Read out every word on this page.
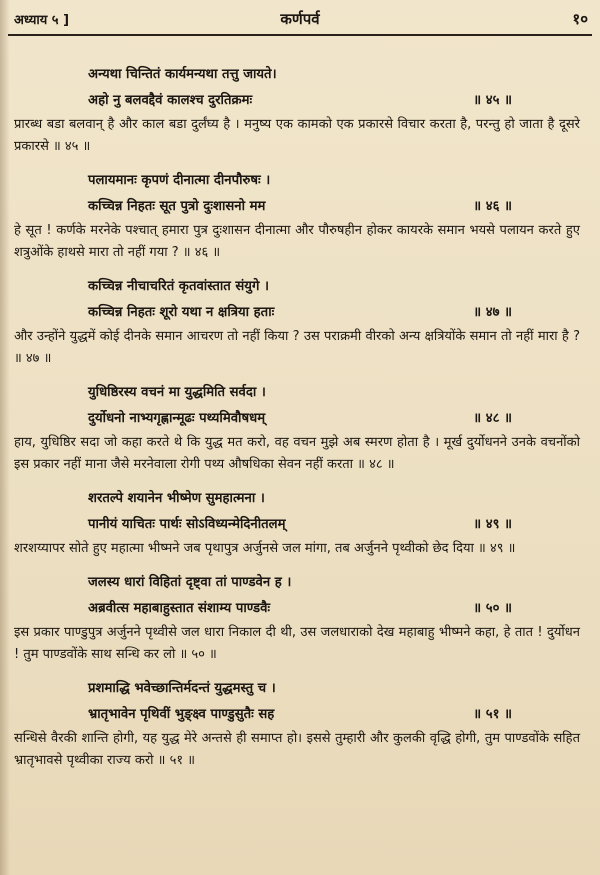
अध्याय ५ ]	कर्णपर्व	१०
अन्यथा चिन्तितं कार्यमन्यथा तत्तु जायते।
अहो नु बलवद्दैवं कालश्च दुरतिक्रमः	॥ ४५ ॥
प्रारब्ध बडा बलवान् है और काल बडा दुर्लंघ्य है । मनुष्य एक कामको एक प्रकारसे विचार करता है, परन्तु हो जाता है दूसरे प्रकारसे ॥ ४५ ॥
पलायमानः कृपणं दीनात्मा दीनपौरुषः ।
कच्चिन्न निहतः सूत पुत्रो दुःशासनो मम	॥ ४६ ॥
हे सूत ! कर्णके मरनेके पश्चात् हमारा पुत्र दुःशासन दीनात्मा और पौरुषहीन होकर कायरके समान भयसे पलायन करते हुए शत्रुओंके हाथसे मारा तो नहीं गया ? ॥ ४६ ॥
कच्चिन्न नीचाचरितं कृतवांस्तात संयुगे ।
कच्चिन्न निहतः शूरो यथा न क्षत्रिया हताः	॥ ४७ ॥
और उन्होंने युद्धमें कोई दीनके समान आचरण तो नहीं किया ? उस पराक्रमी वीरको अन्य क्षत्रियोंके समान तो नहीं मारा है ? ॥ ४७ ॥
युधिष्ठिरस्य वचनं मा युद्धमिति सर्वदा ।
दुर्योधनो नाभ्यगृह्णान्मूढः पथ्यमिवौषधम्	॥ ४८ ॥
हाय, युधिष्ठिर सदा जो कहा करते थे कि युद्ध मत करो, वह वचन मुझे अब स्मरण होता है । मूर्ख दुर्योधनने उनके वचनोंको इस प्रकार नहीं माना जैसे मरनेवाला रोगी पथ्य औषधिका सेवन नहीं करता ॥ ४८ ॥
शरतल्पे शयानेन भीष्मेण सुमहात्मना ।
पानीयं याचितः पार्थः सोऽविध्यन्मेदिनीतलम्	॥ ४९ ॥
शरशय्यापर सोते हुए महात्मा भीष्मने जब पृथापुत्र अर्जुनसे जल मांगा, तब अर्जुनने पृथ्वीको छेद दिया ॥ ४९ ॥
जलस्य धारां विहितां दृष्ट्वा तां पाण्डवेन ह ।
अब्रवीत्स महाबाहुस्तात संशाम्य पाण्डवैः	॥ ५० ॥
इस प्रकार पाण्डुपुत्र अर्जुनने पृथ्वीसे जल धारा निकाल दी थी, उस जलधाराको देख महाबाहु भीष्मने कहा, हे तात ! दुर्योधन ! तुम पाण्डवोंके साथ सन्धि कर लो ॥ ५० ॥
प्रशमाद्धि भवेच्छान्तिर्मदन्तं युद्धमस्तु च ।
भ्रातृभावेन पृथिवीं भुङ्क्ष्व पाण्डुसुतैः सह	॥ ५१ ॥
सन्धिसे वैरकी शान्ति होगी, यह युद्ध मेरे अन्तसे ही समाप्त हो। इससे तुम्हारी और कुलकी वृद्धि होगी, तुम पाण्डवोंके सहित भ्रातृभावसे पृथ्वीका राज्य करो ॥ ५१ ॥
